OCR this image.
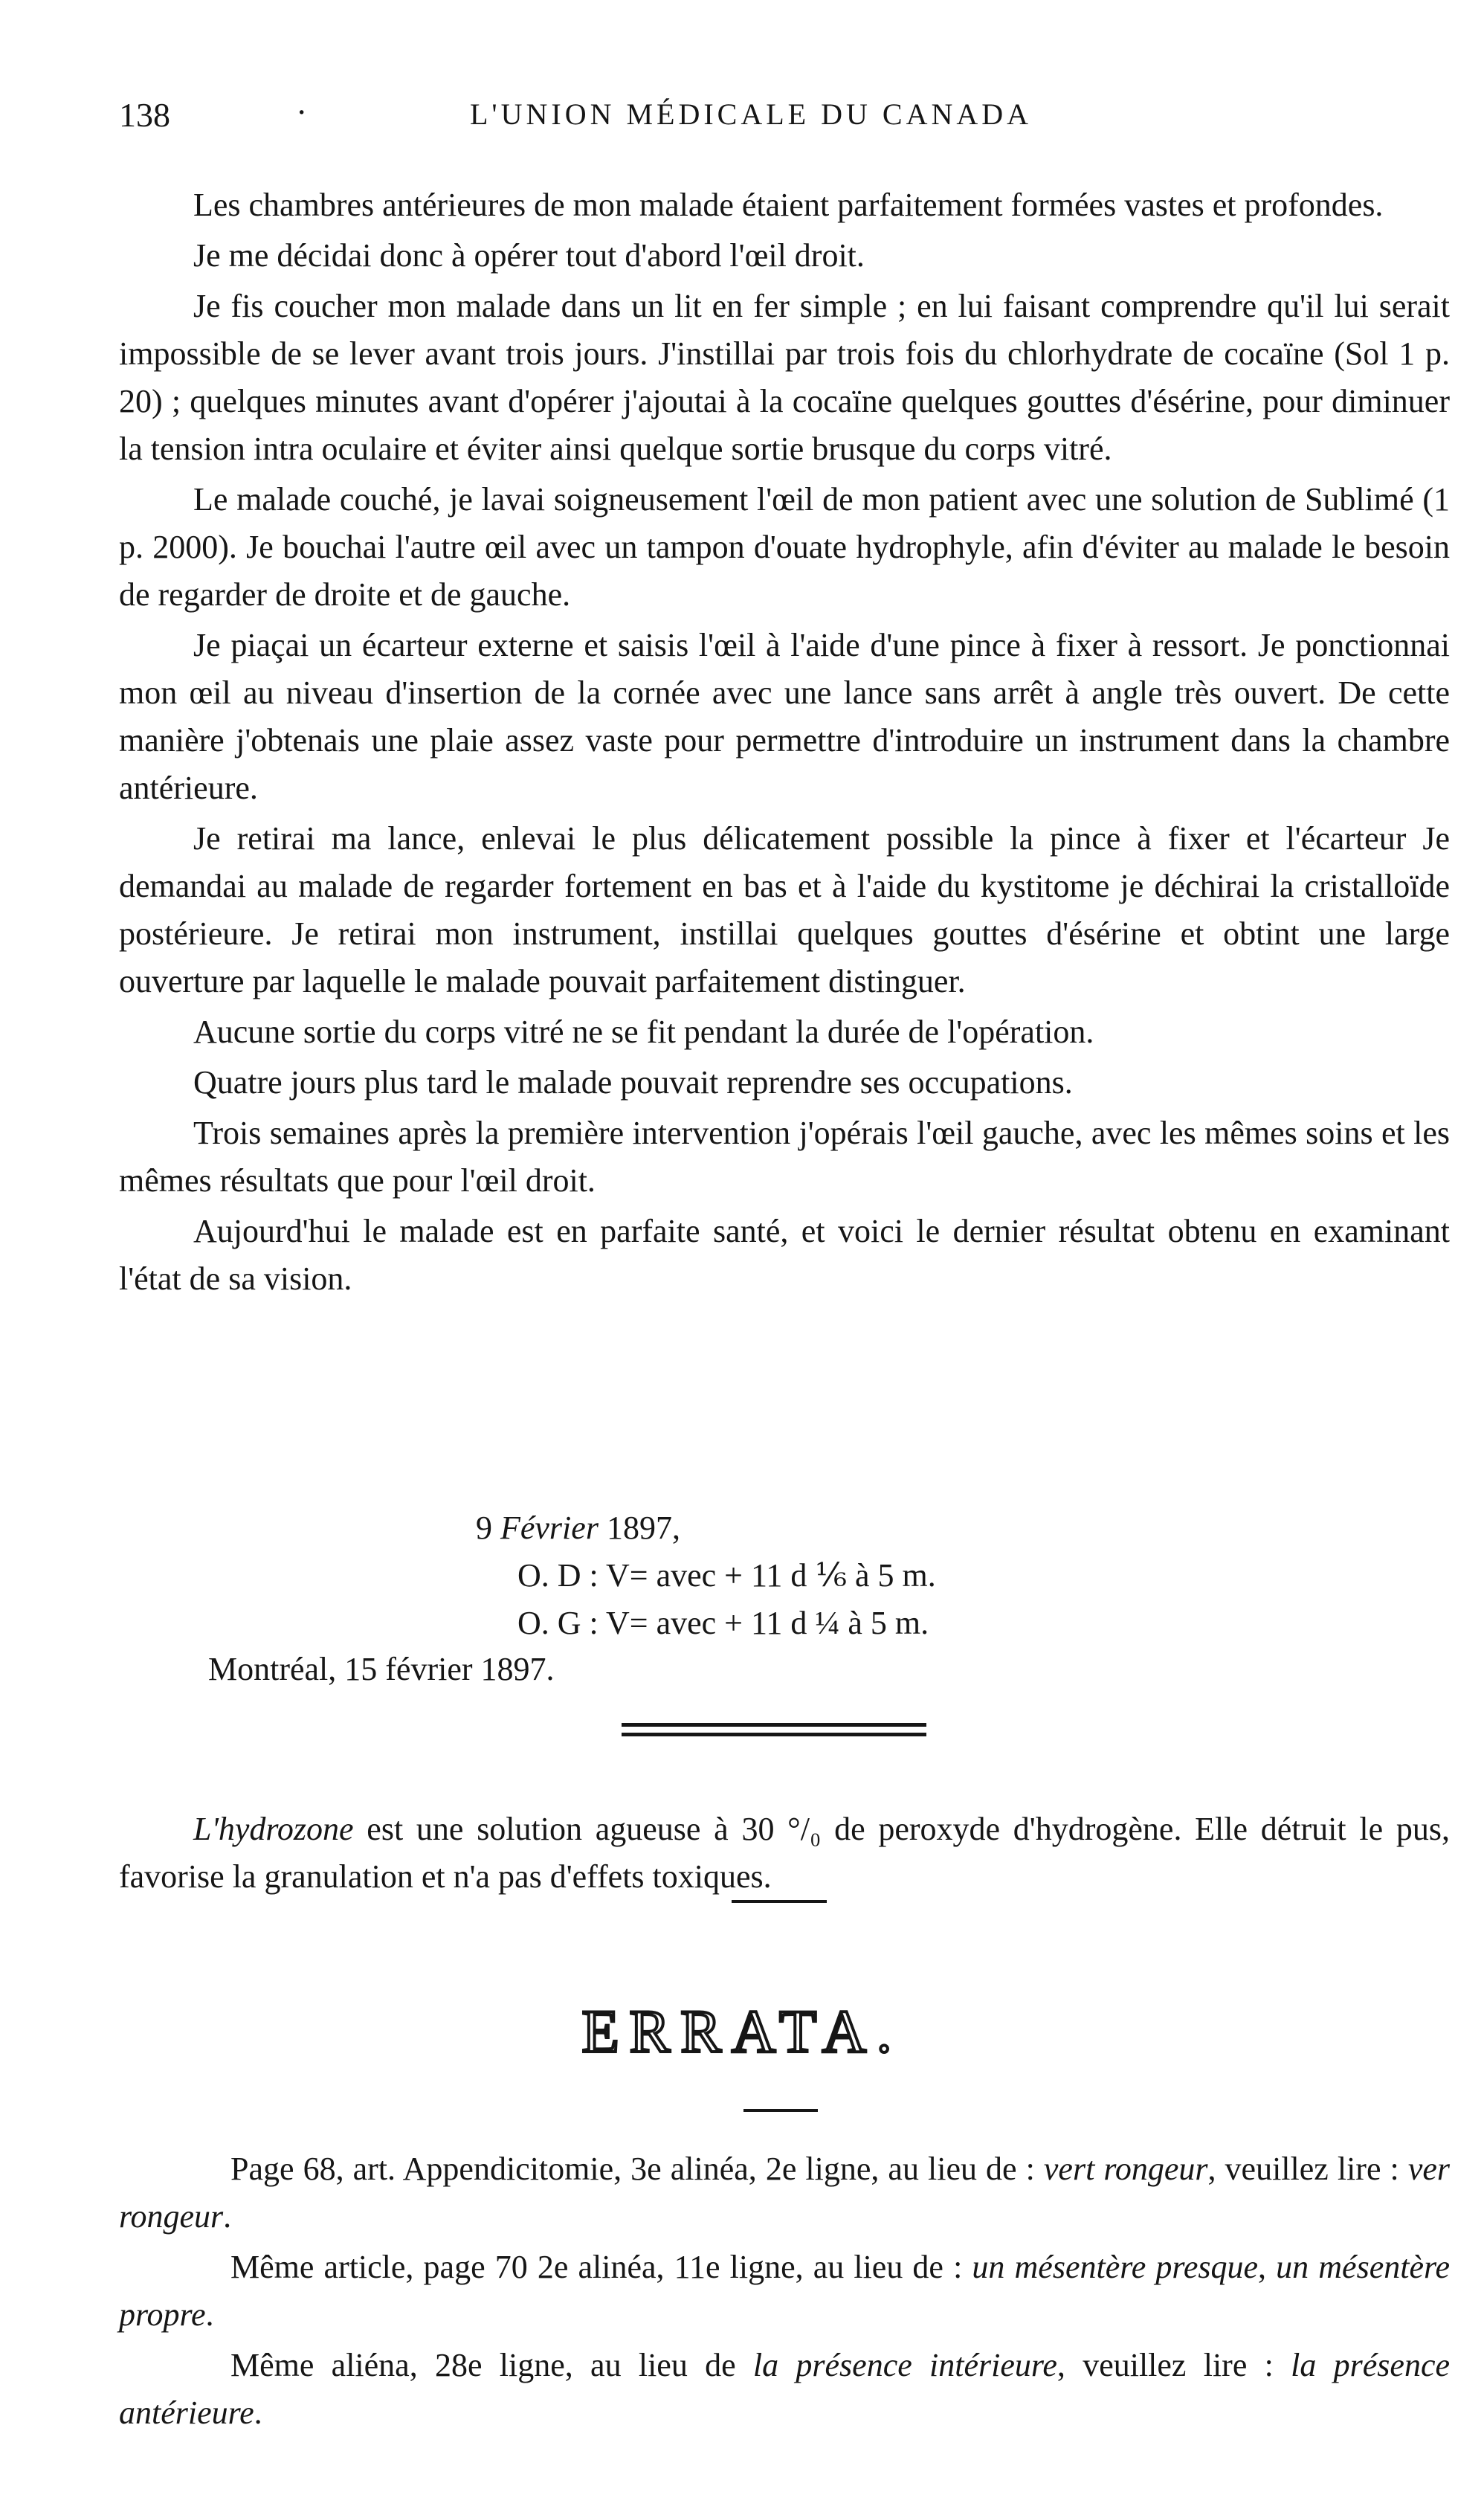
138	·	L'UNION MÉDICALE DU CANADA

Les chambres antérieures de mon malade étaient parfaitement formées vastes et profondes.

Je me décidai donc à opérer tout d'abord l'œil droit.

Je fis coucher mon malade dans un lit en fer simple ; en lui faisant comprendre qu'il lui serait impossible de se lever avant trois jours. J'instillai par trois fois du chlorhydrate de cocaïne (Sol 1 p. 20) ; quelques minutes avant d'opérer j'ajoutai à la cocaïne quelques gouttes d'ésérine, pour diminuer la tension intra oculaire et éviter ainsi quelque sortie brusque du corps vitré.

Le malade couché, je lavai soigneusement l'œil de mon patient avec une solution de Sublimé (1 p. 2000). Je bouchai l'autre œil avec un tampon d'ouate hydrophyle, afin d'éviter au malade le besoin de regarder de droite et de gauche.

Je piaçai un écarteur externe et saisis l'œil à l'aide d'une pince à fixer à ressort. Je ponctionnai mon œil au niveau d'insertion de la cornée avec une lance sans arrêt à angle très ouvert. De cette manière j'obtenais une plaie assez vaste pour permettre d'introduire un instrument dans la chambre antérieure.

Je retirai ma lance, enlevai le plus délicatement possible la pince à fixer et l'écarteur Je demandai au malade de regarder fortement en bas et à l'aide du kystitome je déchirai la cristalloïde postérieure. Je retirai mon instrument, instillai quelques gouttes d'ésérine et obtint une large ouverture par laquelle le malade pouvait parfaitement distinguer.

Aucune sortie du corps vitré ne se fit pendant la durée de l'opération.

Quatre jours plus tard le malade pouvait reprendre ses occupations.

Trois semaines après la première intervention j'opérais l'œil gauche, avec les mêmes soins et les mêmes résultats que pour l'œil droit.

Aujourd'hui le malade est en parfaite santé, et voici le dernier résultat obtenu en examinant l'état de sa vision.

9 Février 1897,
O. D : V= avec + 11 d ⅙ à 5 m.
O. G : V= avec + 11 d ¼ à 5 m.
Montréal, 15 février 1897.

L'hydrozone est une solution agueuse à 30 °/₀ de peroxyde d'hydrogène. Elle détruit le pus, favorise la granulation et n'a pas d'effets toxiques.

ERRATA.

Page 68, art. Appendicitomie, 3e alinéa, 2e ligne, au lieu de : vert rongeur, veuillez lire : ver rongeur.

Même article, page 70 2e alinéa, 11e ligne, au lieu de : un mésentère presque, un mésentère propre.

Même aliéna, 28e ligne, au lieu de la présence intérieure, veuillez lire : la présence antérieure.
